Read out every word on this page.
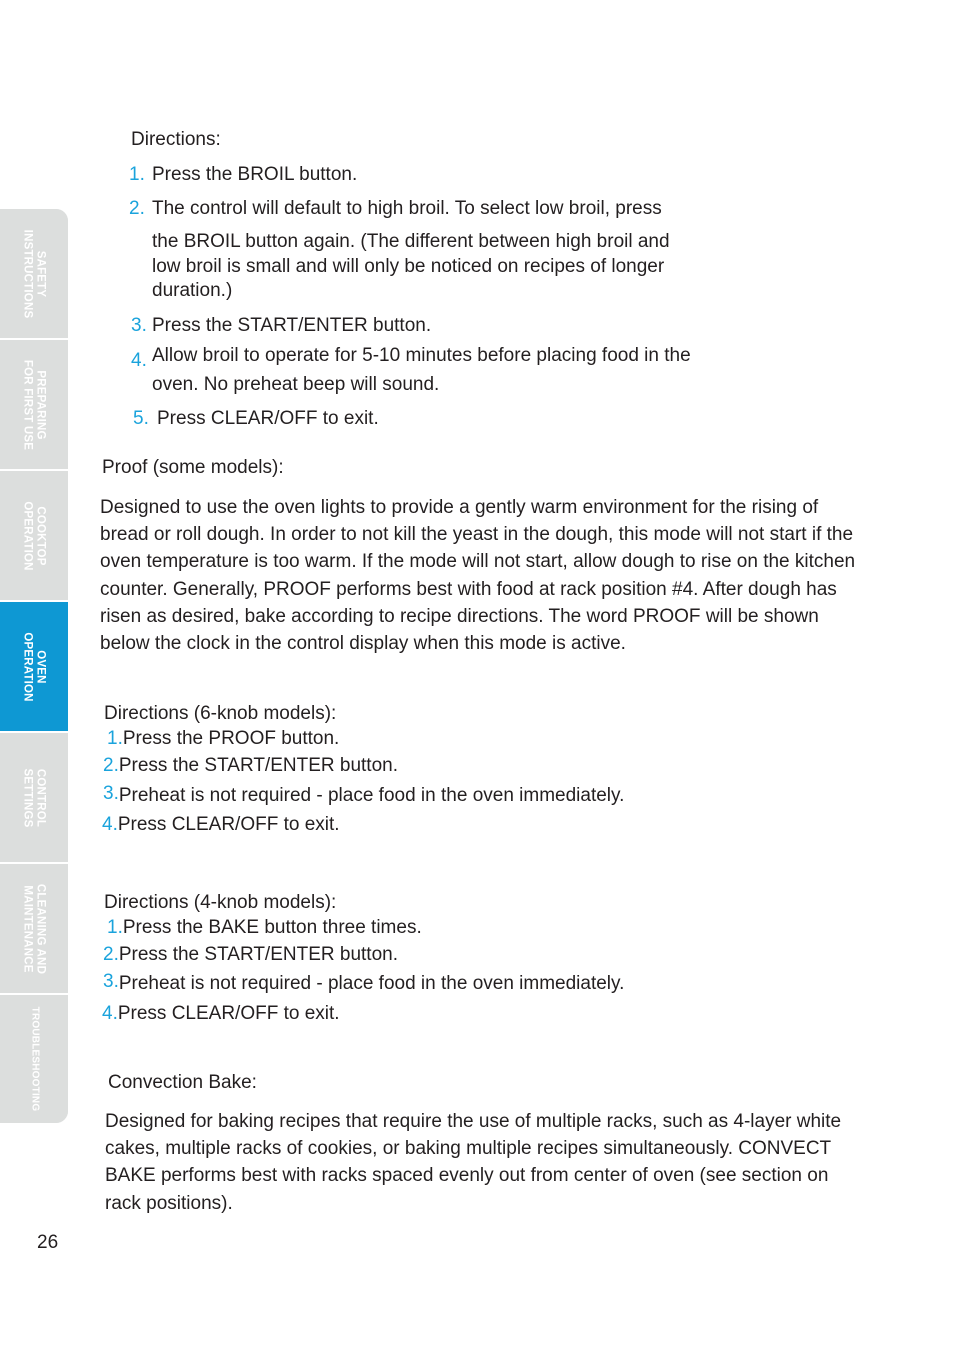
SAFETY
INSTRUCTIONS
PREPARING
FOR FIRST USE
COOKTOP
OPERATION
OVEN
OPERATION
CONTROL
SETTINGS
CLEANING AND
MAINTENANCE
TROUBLESHOOTING
Directions:
1. Press the BROIL button.
2. The control will default to high broil. To select low broil, press
the BROIL button again. (The different between high broil and
low broil is small and will only be noticed on recipes of longer
duration.)
3. Press the START/ENTER button.
4. Allow broil to operate for 5-10 minutes before placing food in the
oven. No preheat beep will sound.
5. Press CLEAR/OFF to exit.
Proof (some models):
Designed to use the oven lights to provide a gently warm environment for the rising of bread or roll dough. In order to not kill the yeast in the dough, this mode will not start if the oven temperature is too warm. If the mode will not start, allow dough to rise on the kitchen counter. Generally, PROOF performs best with food at rack position #4. After dough has risen as desired, bake according to recipe directions. The word PROOF will be shown below the clock in the control display when this mode is active.
Directions (6-knob models):
1.Press the PROOF button.
2.Press the START/ENTER button.
3.Preheat is not required - place food in the oven immediately.
4.Press CLEAR/OFF to exit.
Directions (4-knob models):
1.Press the BAKE button three times.
2.Press the START/ENTER button.
3.Preheat is not required - place food in the oven immediately.
4.Press CLEAR/OFF to exit.
Convection Bake:
Designed for baking recipes that require the use of multiple racks, such as 4-layer white cakes, multiple racks of cookies, or baking multiple recipes simultaneously. CONVECT BAKE performs best with racks spaced evenly out from center of oven (see section on rack positions).
26
